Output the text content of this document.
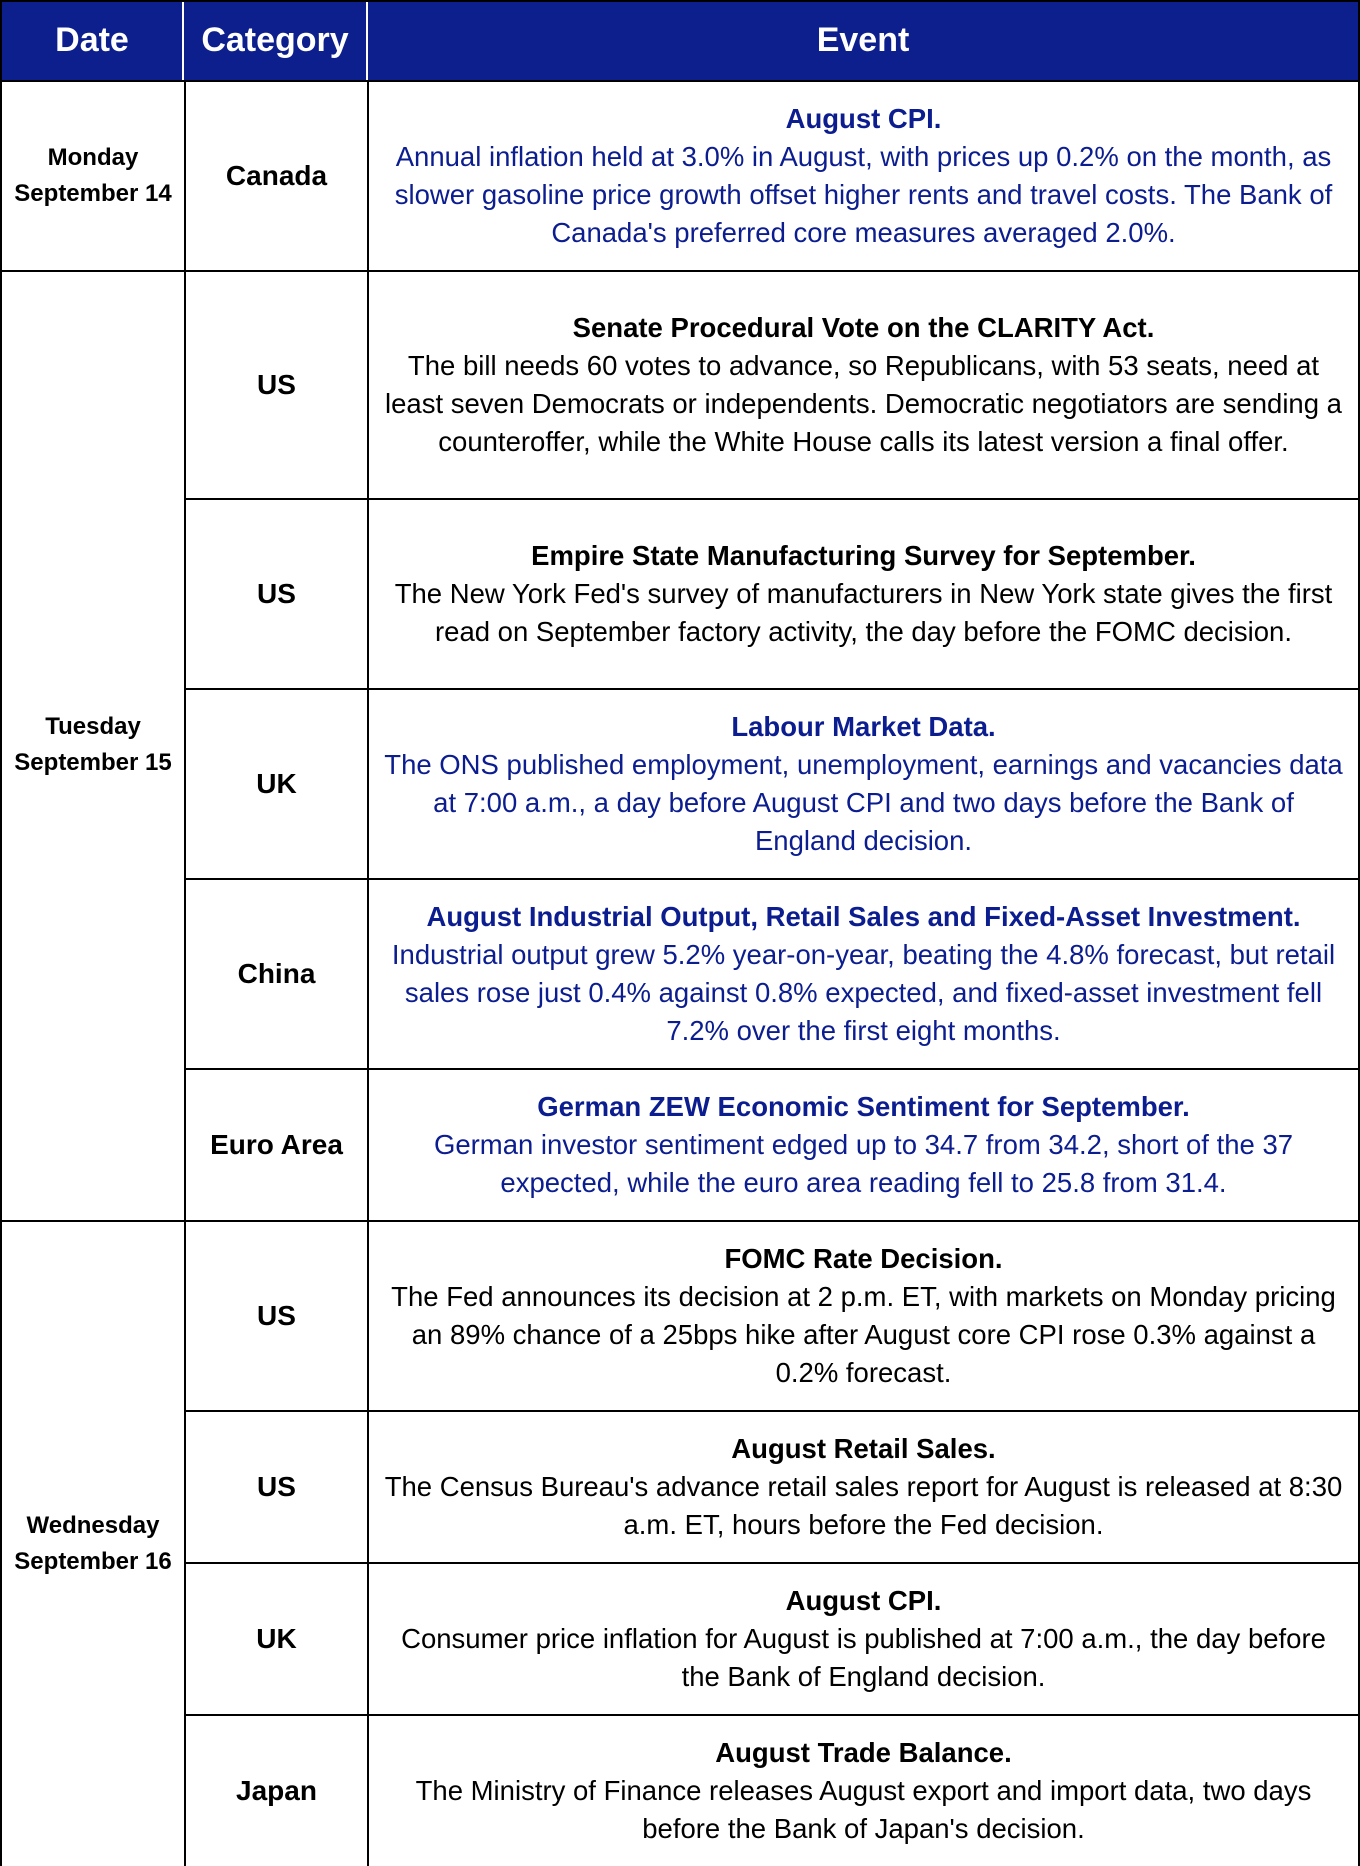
Date	Category	Event
Monday
September 14
Tuesday
September 15
Wednesday
September 16
Canada
August CPI.
Annual inflation held at 3.0% in August, with prices up 0.2% on the month, as slower gasoline price growth offset higher rents and travel costs. The Bank of Canada's preferred core measures averaged 2.0%.
US
Senate Procedural Vote on the CLARITY Act.
The bill needs 60 votes to advance, so Republicans, with 53 seats, need at least seven Democrats or independents. Democratic negotiators are sending a counteroffer, while the White House calls its latest version a final offer.
US
Empire State Manufacturing Survey for September.
The New York Fed's survey of manufacturers in New York state gives the first read on September factory activity, the day before the FOMC decision.
UK
Labour Market Data.
The ONS published employment, unemployment, earnings and vacancies data at 7:00 a.m., a day before August CPI and two days before the Bank of England decision.
China
August Industrial Output, Retail Sales and Fixed-Asset Investment.
Industrial output grew 5.2% year-on-year, beating the 4.8% forecast, but retail sales rose just 0.4% against 0.8% expected, and fixed-asset investment fell 7.2% over the first eight months.
Euro Area
German ZEW Economic Sentiment for September.
German investor sentiment edged up to 34.7 from 34.2, short of the 37 expected, while the euro area reading fell to 25.8 from 31.4.
US
FOMC Rate Decision.
The Fed announces its decision at 2 p.m. ET, with markets on Monday pricing an 89% chance of a 25bps hike after August core CPI rose 0.3% against a 0.2% forecast.
US
August Retail Sales.
The Census Bureau's advance retail sales report for August is released at 8:30 a.m. ET, hours before the Fed decision.
UK
August CPI.
Consumer price inflation for August is published at 7:00 a.m., the day before the Bank of England decision.
Japan
August Trade Balance.
The Ministry of Finance releases August export and import data, two days before the Bank of Japan's decision.
